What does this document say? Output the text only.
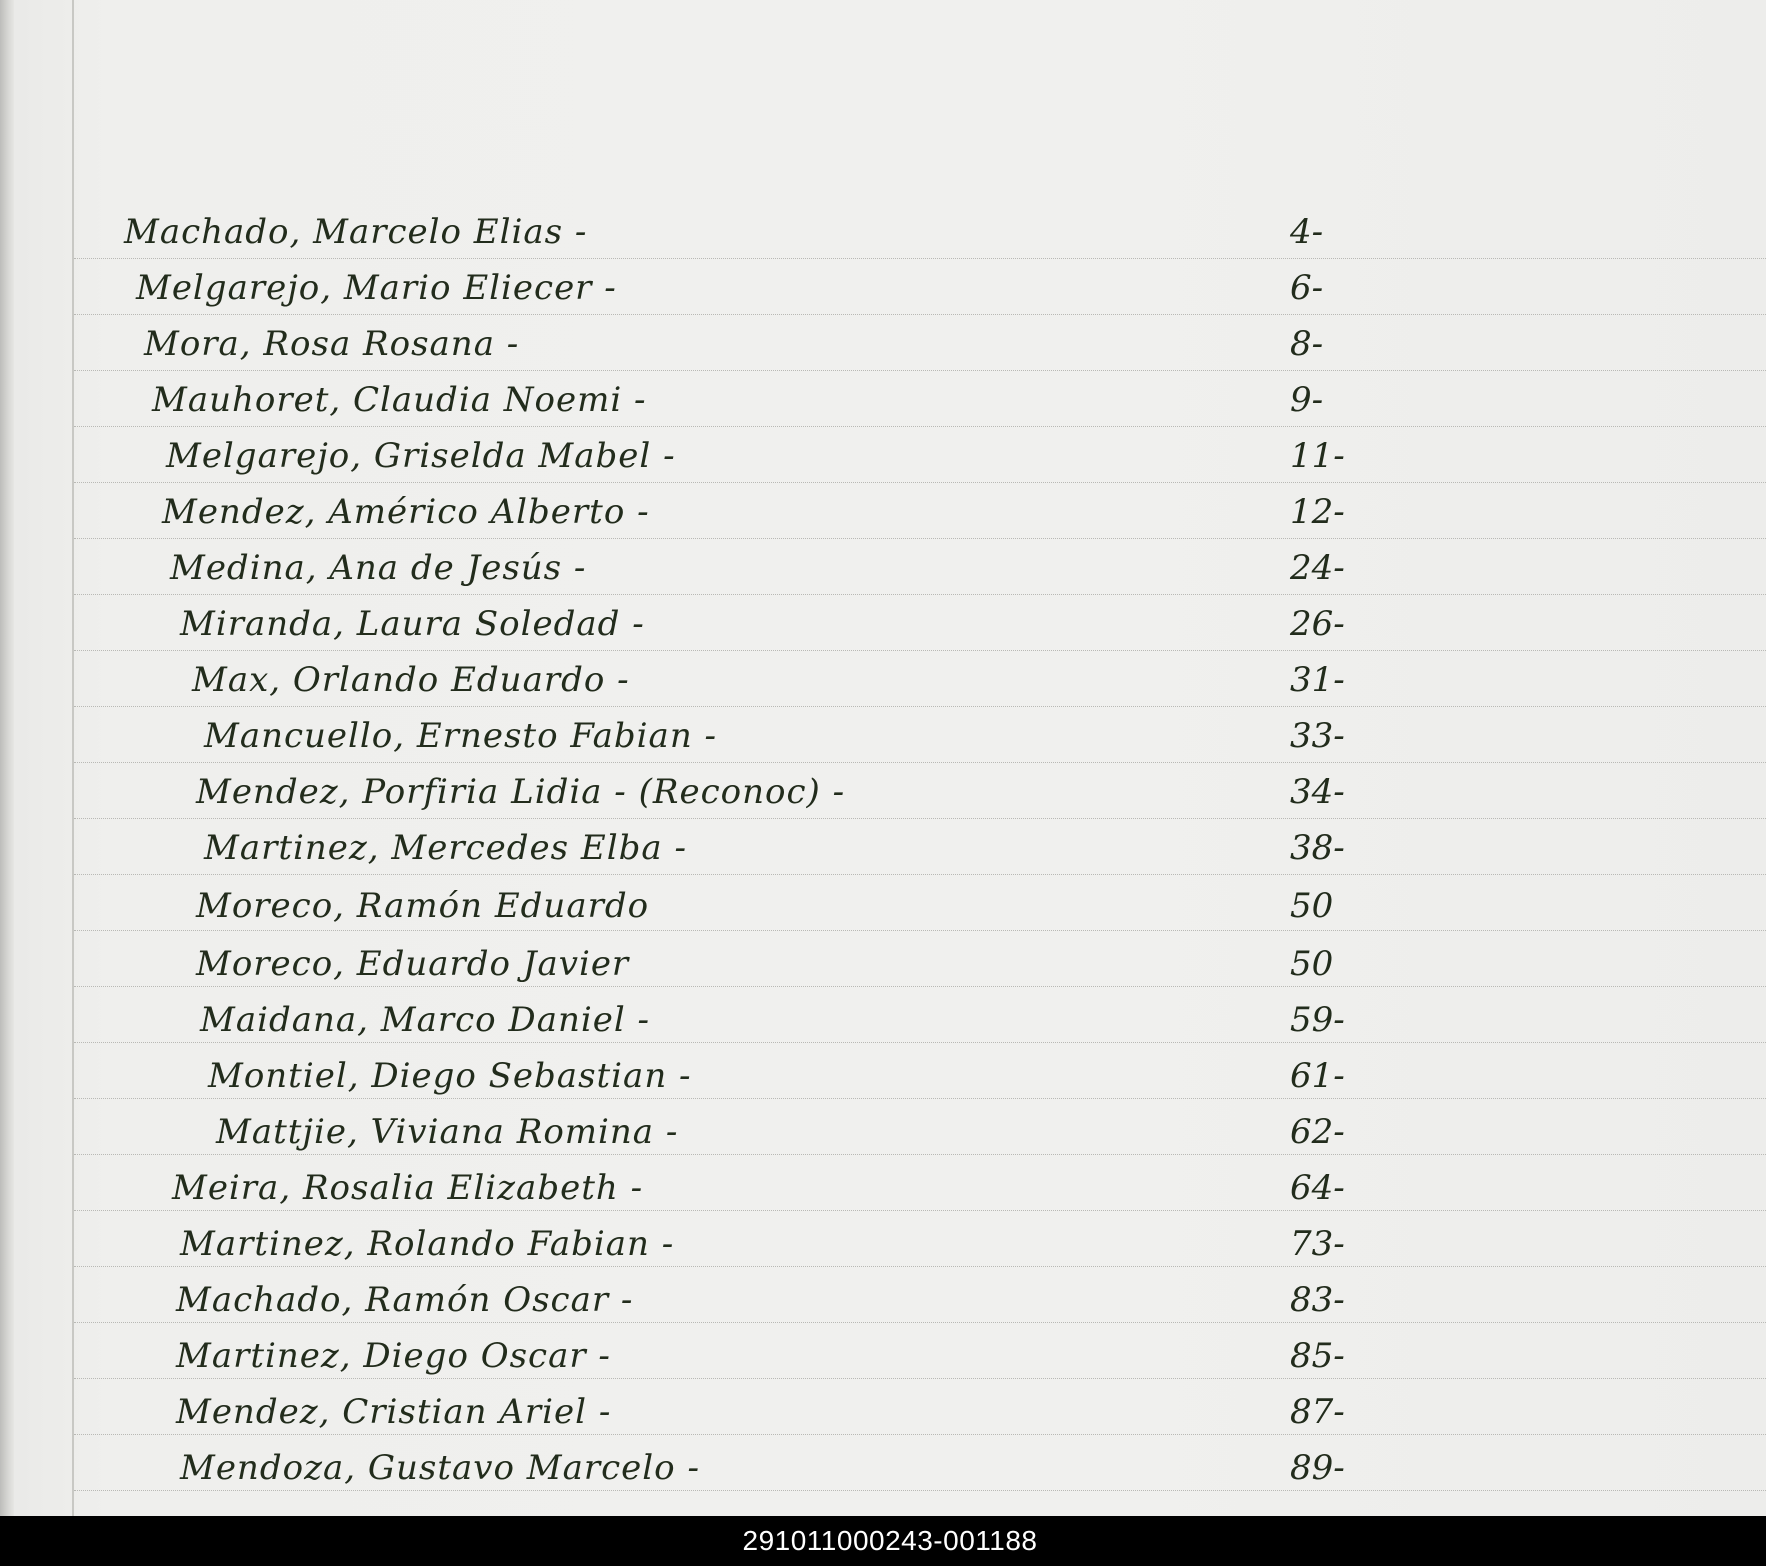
Machado, Marcelo Elias -	4-
Melgarejo, Mario Eliecer -	6-
Mora, Rosa Rosana -	8-
Mauhoret, Claudia Noemi -	9-
Melgarejo, Griselda Mabel -	11-
Mendez, Américo Alberto -	12-
Medina, Ana de Jesús -	24-
Miranda, Laura Soledad -	26-
Max, Orlando Eduardo -	31-
Mancuello, Ernesto Fabian -	33-
Mendez, Porfiria Lidia - (Reconoc) -	34-
Martinez, Mercedes Elba -	38-
Moreco, Ramón Eduardo	50
Moreco, Eduardo Javier	50
Maidana, Marco Daniel -	59-
Montiel, Diego Sebastian -	61-
Mattjie, Viviana Romina -	62-
Meira, Rosalia Elizabeth -	64-
Martinez, Rolando Fabian -	73-
Machado, Ramón Oscar -	83-
Martinez, Diego Oscar -	85-
Mendez, Cristian Ariel -	87-
Mendoza, Gustavo Marcelo -	89-
291011000243-001188
